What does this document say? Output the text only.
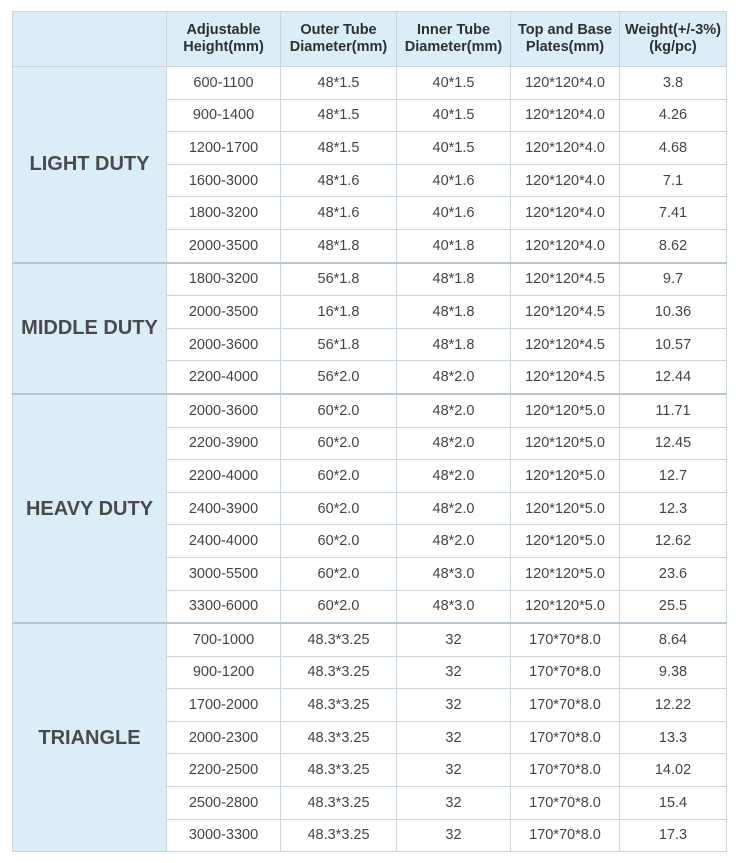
	Adjustable Height(mm)	Outer Tube Diameter(mm)	Inner Tube Diameter(mm)	Top and Base Plates(mm)	Weight(+/-3%) (kg/pc)
LIGHT DUTY	600-1100	48*1.5	40*1.5	120*120*4.0	3.8
	900-1400	48*1.5	40*1.5	120*120*4.0	4.26
	1200-1700	48*1.5	40*1.5	120*120*4.0	4.68
	1600-3000	48*1.6	40*1.6	120*120*4.0	7.1
	1800-3200	48*1.6	40*1.6	120*120*4.0	7.41
	2000-3500	48*1.8	40*1.8	120*120*4.0	8.62
MIDDLE DUTY	1800-3200	56*1.8	48*1.8	120*120*4.5	9.7
	2000-3500	16*1.8	48*1.8	120*120*4.5	10.36
	2000-3600	56*1.8	48*1.8	120*120*4.5	10.57
	2200-4000	56*2.0	48*2.0	120*120*4.5	12.44
HEAVY DUTY	2000-3600	60*2.0	48*2.0	120*120*5.0	11.71
	2200-3900	60*2.0	48*2.0	120*120*5.0	12.45
	2200-4000	60*2.0	48*2.0	120*120*5.0	12.7
	2400-3900	60*2.0	48*2.0	120*120*5.0	12.3
	2400-4000	60*2.0	48*2.0	120*120*5.0	12.62
	3000-5500	60*2.0	48*3.0	120*120*5.0	23.6
	3300-6000	60*2.0	48*3.0	120*120*5.0	25.5
TRIANGLE	700-1000	48.3*3.25	32	170*70*8.0	8.64
	900-1200	48.3*3.25	32	170*70*8.0	9.38
	1700-2000	48.3*3.25	32	170*70*8.0	12.22
	2000-2300	48.3*3.25	32	170*70*8.0	13.3
	2200-2500	48.3*3.25	32	170*70*8.0	14.02
	2500-2800	48.3*3.25	32	170*70*8.0	15.4
	3000-3300	48.3*3.25	32	170*70*8.0	17.3
